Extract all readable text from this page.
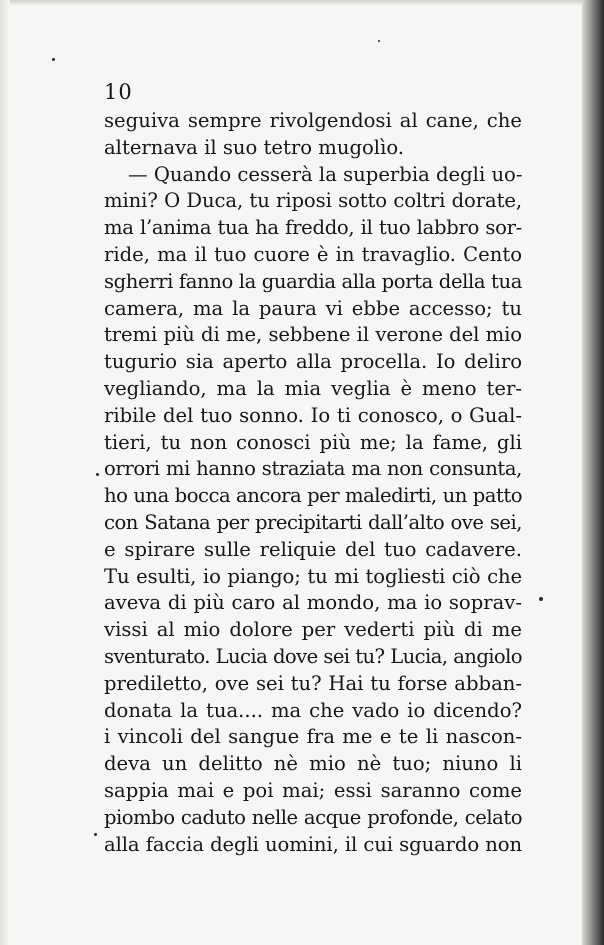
10
seguiva sempre rivolgendosi al cane, che
alternava il suo tetro mugolìo.
— Quando cesserà la superbia degli uo-
mini? O Duca, tu riposi sotto coltri dorate,
ma l’anima tua ha freddo, il tuo labbro sor-
ride, ma il tuo cuore è in travaglio. Cento
sgherri fanno la guardia alla porta della tua
camera, ma la paura vi ebbe accesso; tu
tremi più di me, sebbene il verone del mio
tugurio sia aperto alla procella. Io deliro
vegliando, ma la mia veglia è meno ter-
ribile del tuo sonno. Io ti conosco, o Gual-
tieri, tu non conosci più me; la fame, gli
orrori mi hanno straziata ma non consunta,
ho una bocca ancora per maledirti, un patto
con Satana per precipitarti dall’alto ove sei,
e spirare sulle reliquie del tuo cadavere.
Tu esulti, io piango; tu mi togliesti ciò che
aveva di più caro al mondo, ma io soprav-
vissi al mio dolore per vederti più di me
sventurato. Lucia dove sei tu? Lucia, angiolo
prediletto, ove sei tu? Hai tu forse abban-
donata la tua.... ma che vado io dicendo?
i vincoli del sangue fra me e te li nascon-
deva un delitto nè mio nè tuo; niuno li
sappia mai e poi mai; essi saranno come
piombo caduto nelle acque profonde, celato
alla faccia degli uomini, il cui sguardo non
